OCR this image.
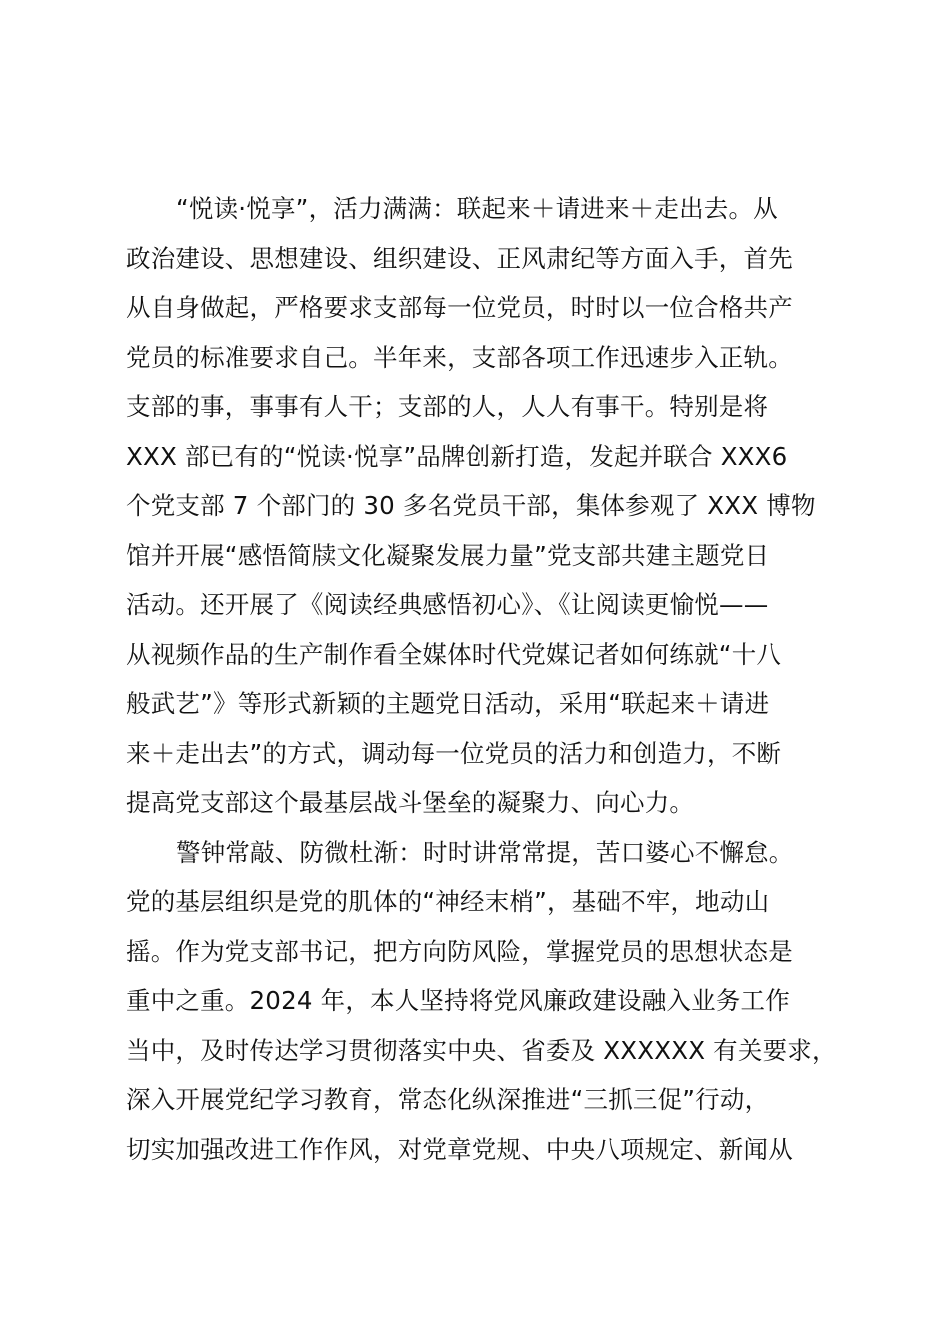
“悦读·悦享”，活力满满：联起来＋请进来＋走出去。从
政治建设、思想建设、组织建设、正风肃纪等方面入手，首先
从自身做起，严格要求支部每一位党员，时时以一位合格共产
党员的标准要求自己。半年来，支部各项工作迅速步入正轨。
支部的事，事事有人干；支部的人，人人有事干。特别是将
XXX 部已有的“悦读·悦享”品牌创新打造，发起并联合 XXX6
个党支部 7 个部门的 30 多名党员干部，集体参观了 XXX 博物
馆并开展“感悟简牍文化凝聚发展力量”党支部共建主题党日
活动。还开展了《阅读经典感悟初心》、《让阅读更愉悦——
从视频作品的生产制作看全媒体时代党媒记者如何练就“十八
般武艺”》等形式新颖的主题党日活动，采用“联起来＋请进
来＋走出去”的方式，调动每一位党员的活力和创造力，不断
提高党支部这个最基层战斗堡垒的凝聚力、向心力。
警钟常敲、防微杜渐：时时讲常常提，苦口婆心不懈怠。
党的基层组织是党的肌体的“神经末梢”，基础不牢，地动山
摇。作为党支部书记，把方向防风险，掌握党员的思想状态是
重中之重。2024 年，本人坚持将党风廉政建设融入业务工作
当中，及时传达学习贯彻落实中央、省委及 XXXXXX 有关要求，
深入开展党纪学习教育，常态化纵深推进“三抓三促”行动，
切实加强改进工作作风，对党章党规、中央八项规定、新闻从
